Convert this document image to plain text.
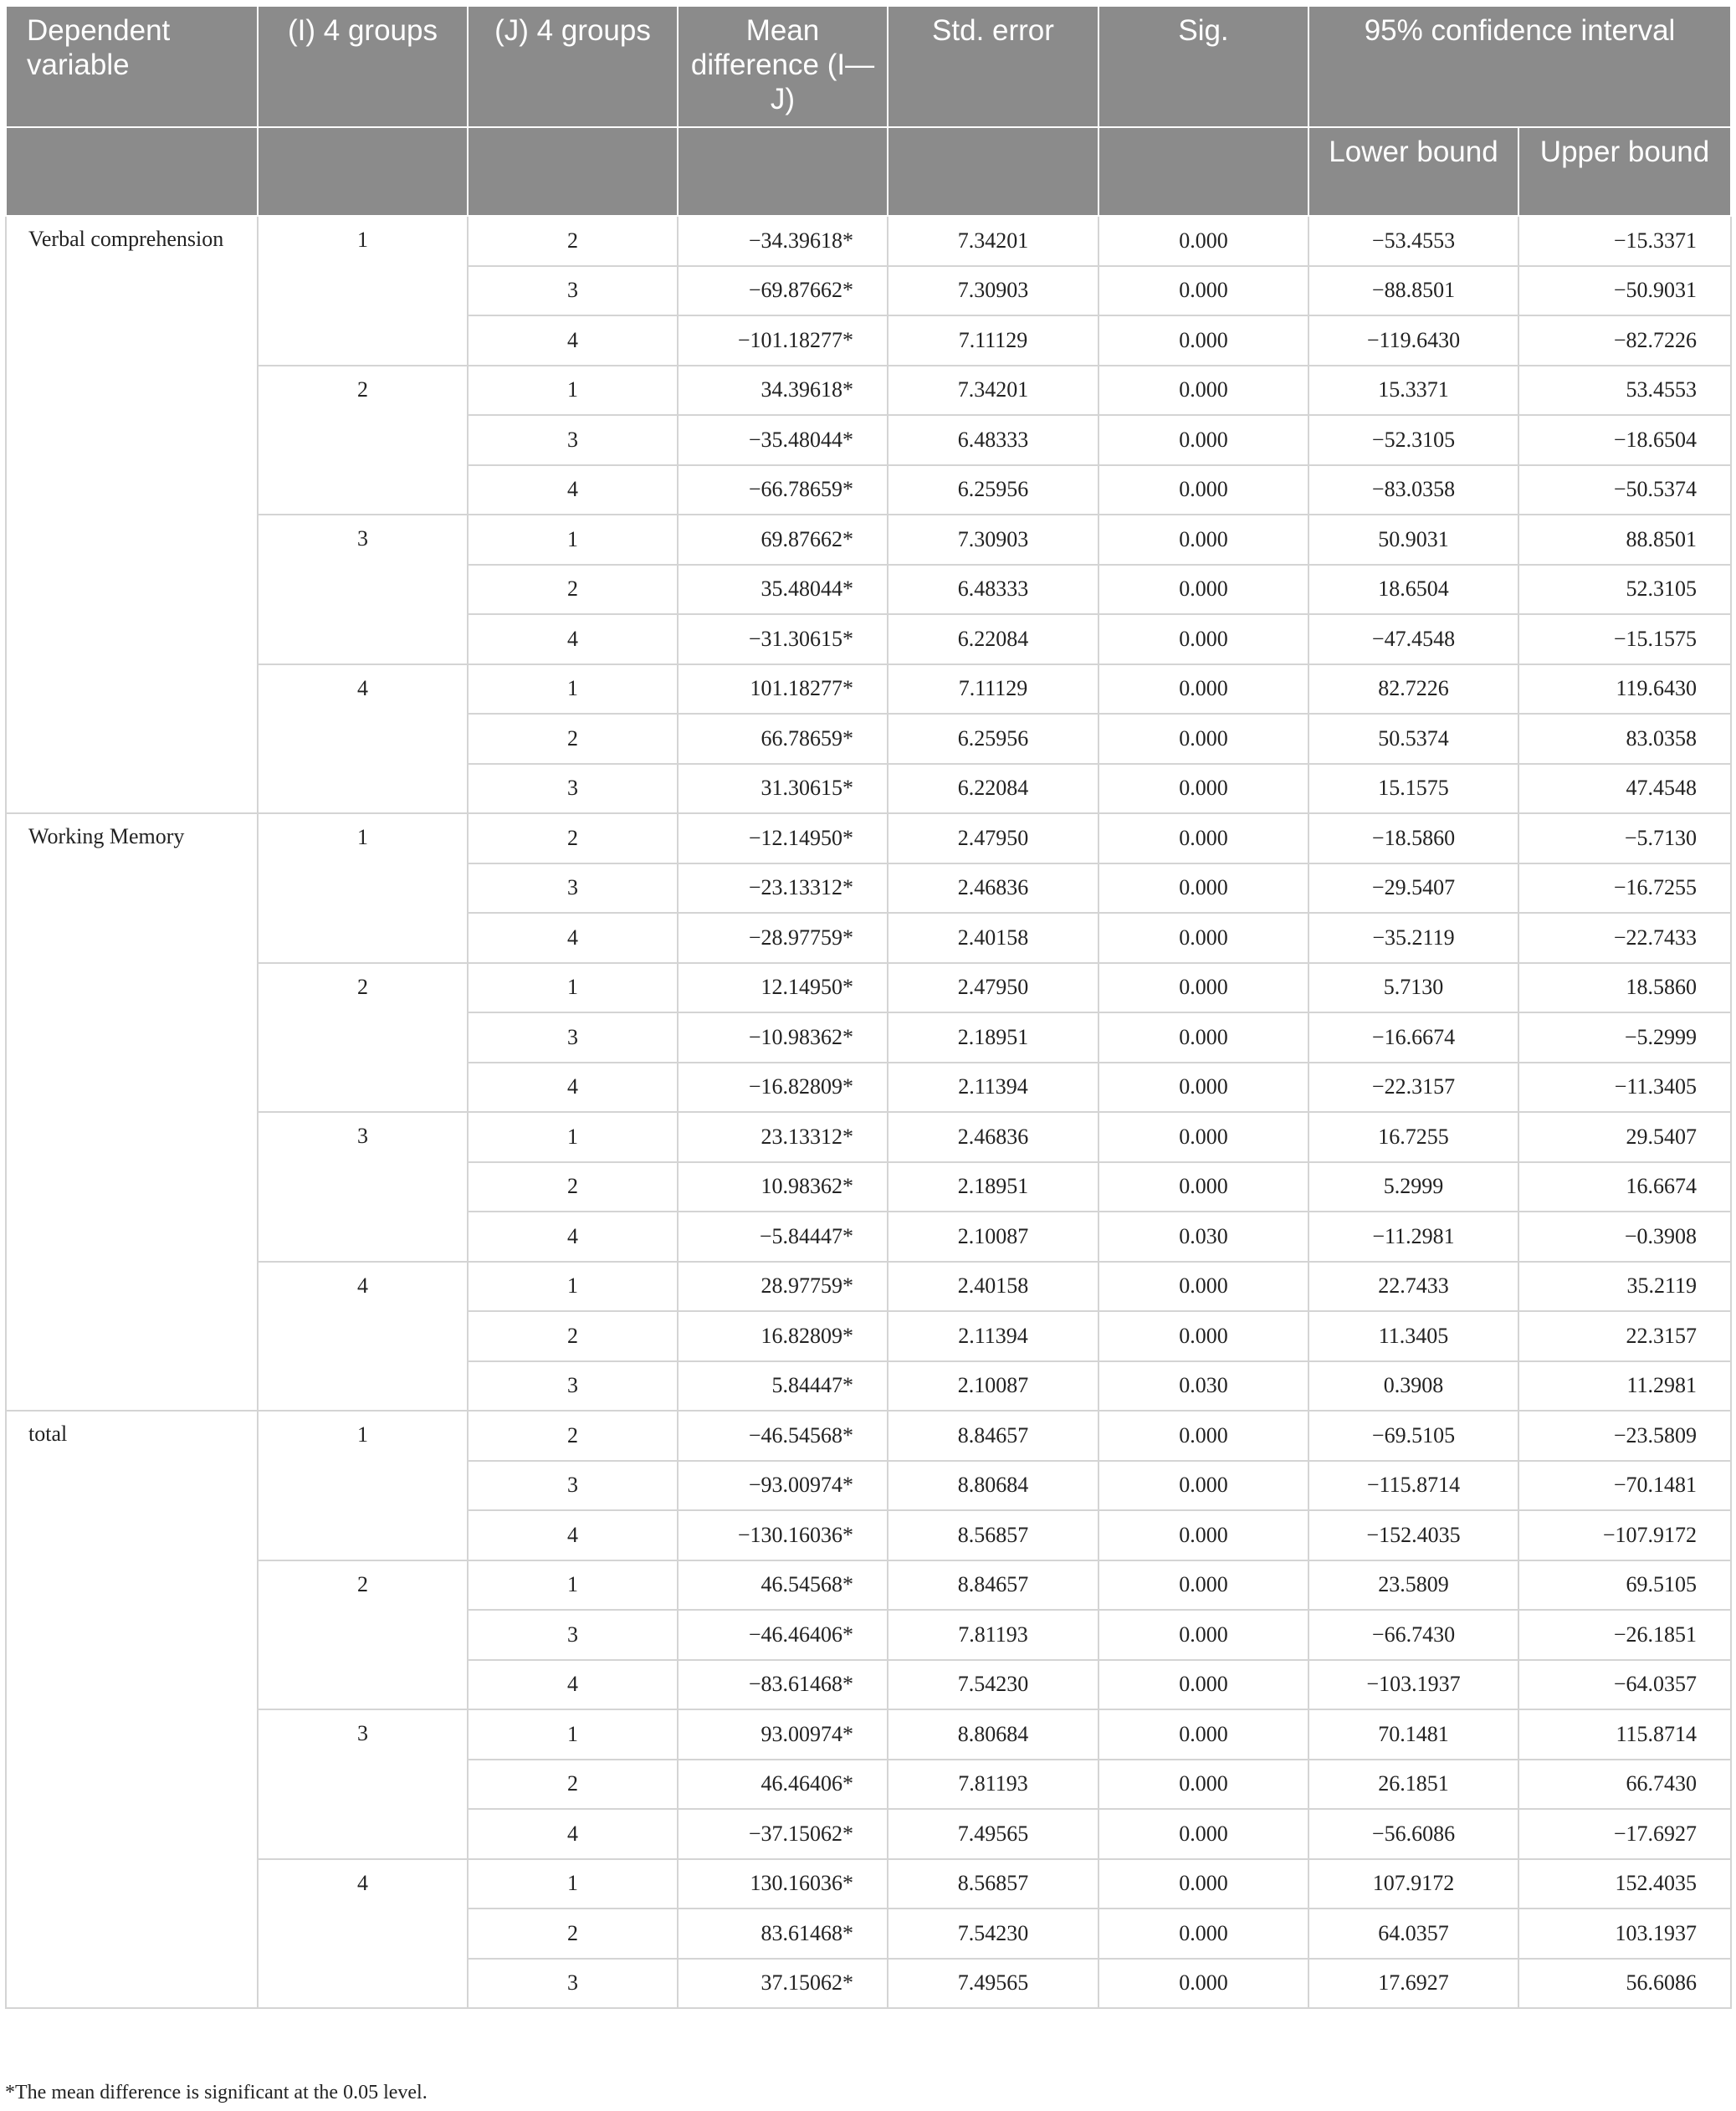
Dependent variable	(I) 4 groups	(J) 4 groups	Mean difference (I—J)	Std. error	Sig.	95% confidence interval	
						Lower bound	Upper bound
Verbal comprehension	1	2	−34.39618*	7.34201	0.000	−53.4553	−15.3371
		3	−69.87662*	7.30903	0.000	−88.8501	−50.9031
		4	−101.18277*	7.11129	0.000	−119.6430	−82.7226
	2	1	34.39618*	7.34201	0.000	15.3371	53.4553
		3	−35.48044*	6.48333	0.000	−52.3105	−18.6504
		4	−66.78659*	6.25956	0.000	−83.0358	−50.5374
	3	1	69.87662*	7.30903	0.000	50.9031	88.8501
		2	35.48044*	6.48333	0.000	18.6504	52.3105
		4	−31.30615*	6.22084	0.000	−47.4548	−15.1575
	4	1	101.18277*	7.11129	0.000	82.7226	119.6430
		2	66.78659*	6.25956	0.000	50.5374	83.0358
		3	31.30615*	6.22084	0.000	15.1575	47.4548
Working Memory	1	2	−12.14950*	2.47950	0.000	−18.5860	−5.7130
		3	−23.13312*	2.46836	0.000	−29.5407	−16.7255
		4	−28.97759*	2.40158	0.000	−35.2119	−22.7433
	2	1	12.14950*	2.47950	0.000	5.7130	18.5860
		3	−10.98362*	2.18951	0.000	−16.6674	−5.2999
		4	−16.82809*	2.11394	0.000	−22.3157	−11.3405
	3	1	23.13312*	2.46836	0.000	16.7255	29.5407
		2	10.98362*	2.18951	0.000	5.2999	16.6674
		4	−5.84447*	2.10087	0.030	−11.2981	−0.3908
	4	1	28.97759*	2.40158	0.000	22.7433	35.2119
		2	16.82809*	2.11394	0.000	11.3405	22.3157
		3	5.84447*	2.10087	0.030	0.3908	11.2981
total	1	2	−46.54568*	8.84657	0.000	−69.5105	−23.5809
		3	−93.00974*	8.80684	0.000	−115.8714	−70.1481
		4	−130.16036*	8.56857	0.000	−152.4035	−107.9172
	2	1	46.54568*	8.84657	0.000	23.5809	69.5105
		3	−46.46406*	7.81193	0.000	−66.7430	−26.1851
		4	−83.61468*	7.54230	0.000	−103.1937	−64.0357
	3	1	93.00974*	8.80684	0.000	70.1481	115.8714
		2	46.46406*	7.81193	0.000	26.1851	66.7430
		4	−37.15062*	7.49565	0.000	−56.6086	−17.6927
	4	1	130.16036*	8.56857	0.000	107.9172	152.4035
		2	83.61468*	7.54230	0.000	64.0357	103.1937
		3	37.15062*	7.49565	0.000	17.6927	56.6086
*The mean difference is significant at the 0.05 level.
